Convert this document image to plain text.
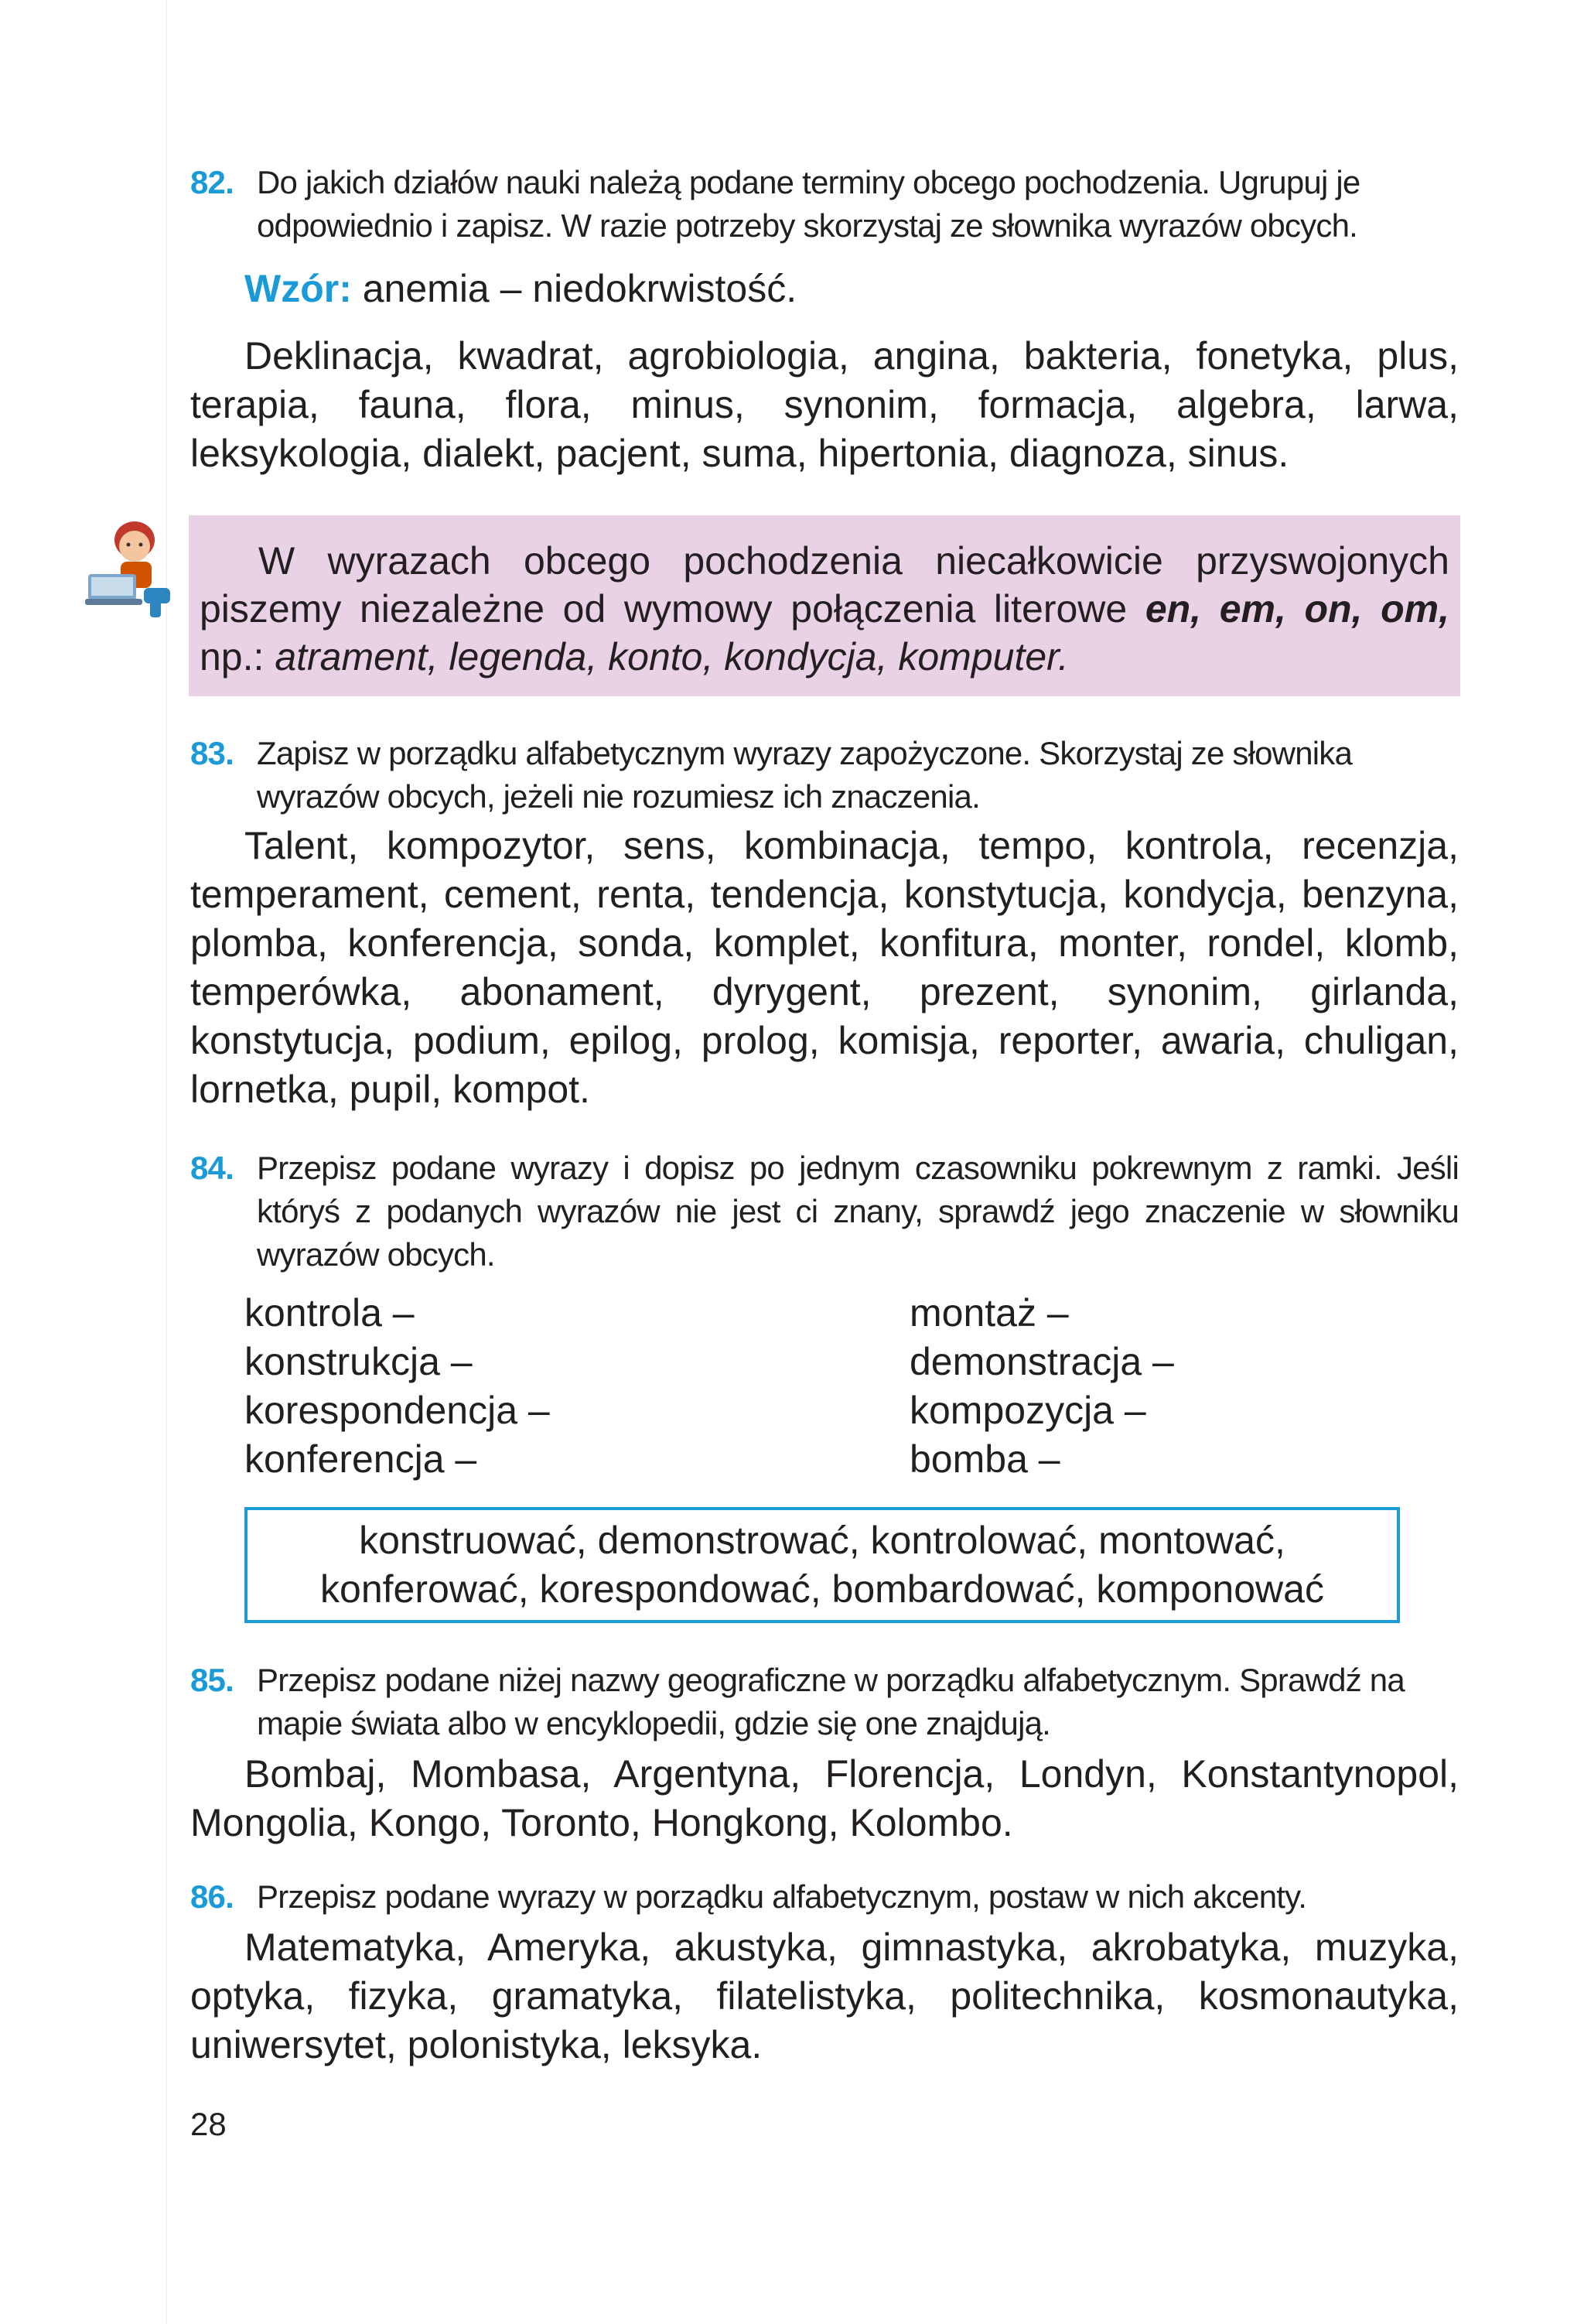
82. Do jakich działów nauki należą podane terminy obcego pochodzenia. Ugrupuj je odpowiednio i zapisz. W razie potrzeby skorzystaj ze słownika wyrazów obcych.
Wzór: anemia – niedokrwistość.
Deklinacja, kwadrat, agrobiologia, angina, bakteria, fonetyka, plus, terapia, fauna, flora, minus, synonim, formacja, algebra, larwa, leksykologia, dialekt, pacjent, suma, hipertonia, diagnoza, sinus.
W wyrazach obcego pochodzenia niecałkowicie przyswojonych piszemy niezależne od wymowy połączenia literowe en, em, on, om, np.: atrament, legenda, konto, kondycja, komputer.
83. Zapisz w porządku alfabetycznym wyrazy zapożyczone. Skorzystaj ze słownika wyrazów obcych, jeżeli nie rozumiesz ich znaczenia.
Talent, kompozytor, sens, kombinacja, tempo, kontrola, recenzja, temperament, cement, renta, tendencja, konstytucja, kondycja, benzyna, plomba, konferencja, sonda, komplet, konfitura, monter, rondel, klomb, temperówka, abonament, dyrygent, prezent, synonim, girlanda, konstytucja, podium, epilog, prolog, komisja, reporter, awaria, chuligan, lornetka, pupil, kompot.
84. Przepisz podane wyrazy i dopisz po jednym czasowniku pokrewnym z ramki. Jeśli któryś z podanych wyrazów nie jest ci znany, sprawdź jego znaczenie w słowniku wyrazów obcych.
kontrola –
konstrukcja –
korespondencja –
konferencja –
montaż –
demonstracja –
kompozycja –
bomba –
konstruować, demonstrować, kontrolować, montować,
konferować, korespondować, bombardować, komponować
85. Przepisz podane niżej nazwy geograficzne w porządku alfabetycznym. Sprawdź na mapie świata albo w encyklopedii, gdzie się one znajdują.
Bombaj, Mombasa, Argentyna, Florencja, Londyn, Konstantynopol, Mongolia, Kongo, Toronto, Hongkong, Kolombo.
86. Przepisz podane wyrazy w porządku alfabetycznym, postaw w nich akcenty.
Matematyka, Ameryka, akustyka, gimnastyka, akrobatyka, muzyka, optyka, fizyka, gramatyka, filatelistyka, politechnika, kosmonautyka, uniwersytet, polonistyka, leksyka.
28
